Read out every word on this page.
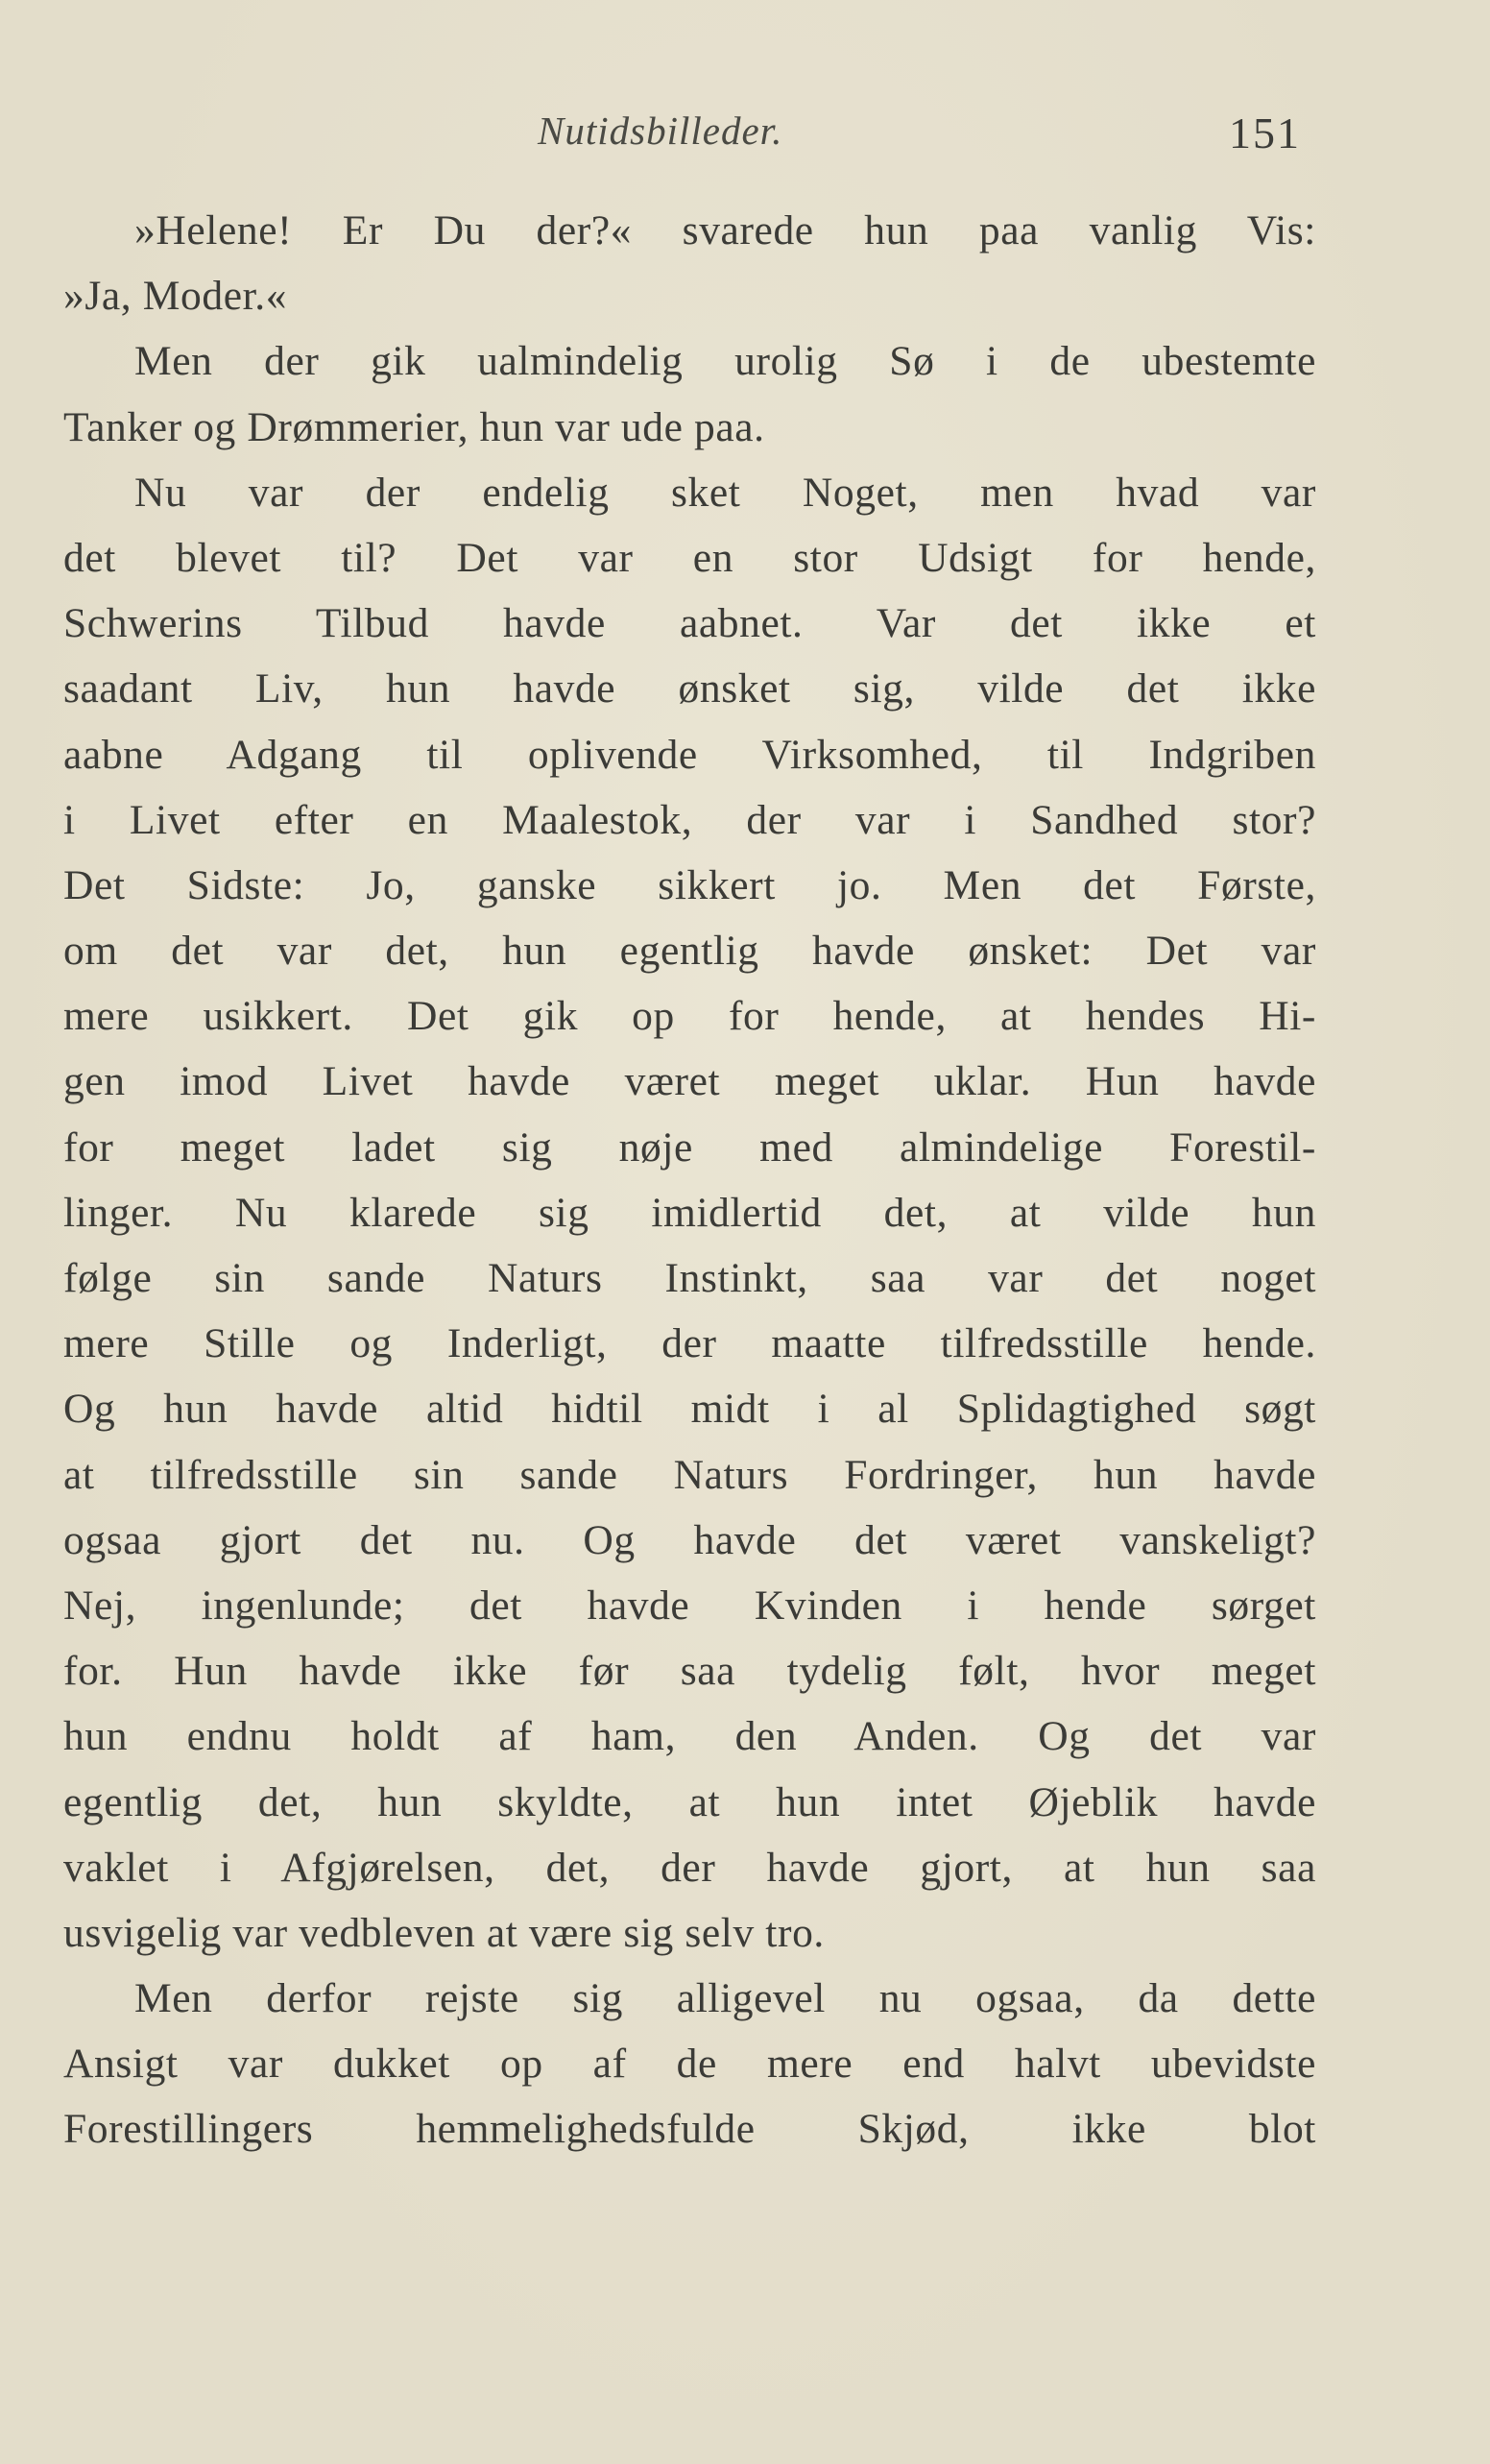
Nutidsbilleder.	151
»Helene! Er Du der?« svarede hun paa vanlig Vis:
»Ja, Moder.«
Men der gik ualmindelig urolig Sø i de ubestemte
Tanker og Drømmerier, hun var ude paa.
Nu var der endelig sket Noget, men hvad var
det blevet til? Det var en stor Udsigt for hende,
Schwerins Tilbud havde aabnet. Var det ikke et
saadant Liv, hun havde ønsket sig, vilde det ikke
aabne Adgang til oplivende Virksomhed, til Indgriben
i Livet efter en Maalestok, der var i Sandhed stor?
Det Sidste: Jo, ganske sikkert jo. Men det Første,
om det var det, hun egentlig havde ønsket: Det var
mere usikkert. Det gik op for hende, at hendes Hi-
gen imod Livet havde været meget uklar. Hun havde
for meget ladet sig nøje med almindelige Forestil-
linger. Nu klarede sig imidlertid det, at vilde hun
følge sin sande Naturs Instinkt, saa var det noget
mere Stille og Inderligt, der maatte tilfredsstille hende.
Og hun havde altid hidtil midt i al Splidagtighed søgt
at tilfredsstille sin sande Naturs Fordringer, hun havde
ogsaa gjort det nu. Og havde det været vanskeligt?
Nej, ingenlunde; det havde Kvinden i hende sørget
for. Hun havde ikke før saa tydelig følt, hvor meget
hun endnu holdt af ham, den Anden. Og det var
egentlig det, hun skyldte, at hun intet Øjeblik havde
vaklet i Afgjørelsen, det, der havde gjort, at hun saa
usvigelig var vedbleven at være sig selv tro.
Men derfor rejste sig alligevel nu ogsaa, da dette
Ansigt var dukket op af de mere end halvt ubevidste
Forestillingers hemmelighedsfulde Skjød, ikke blot
